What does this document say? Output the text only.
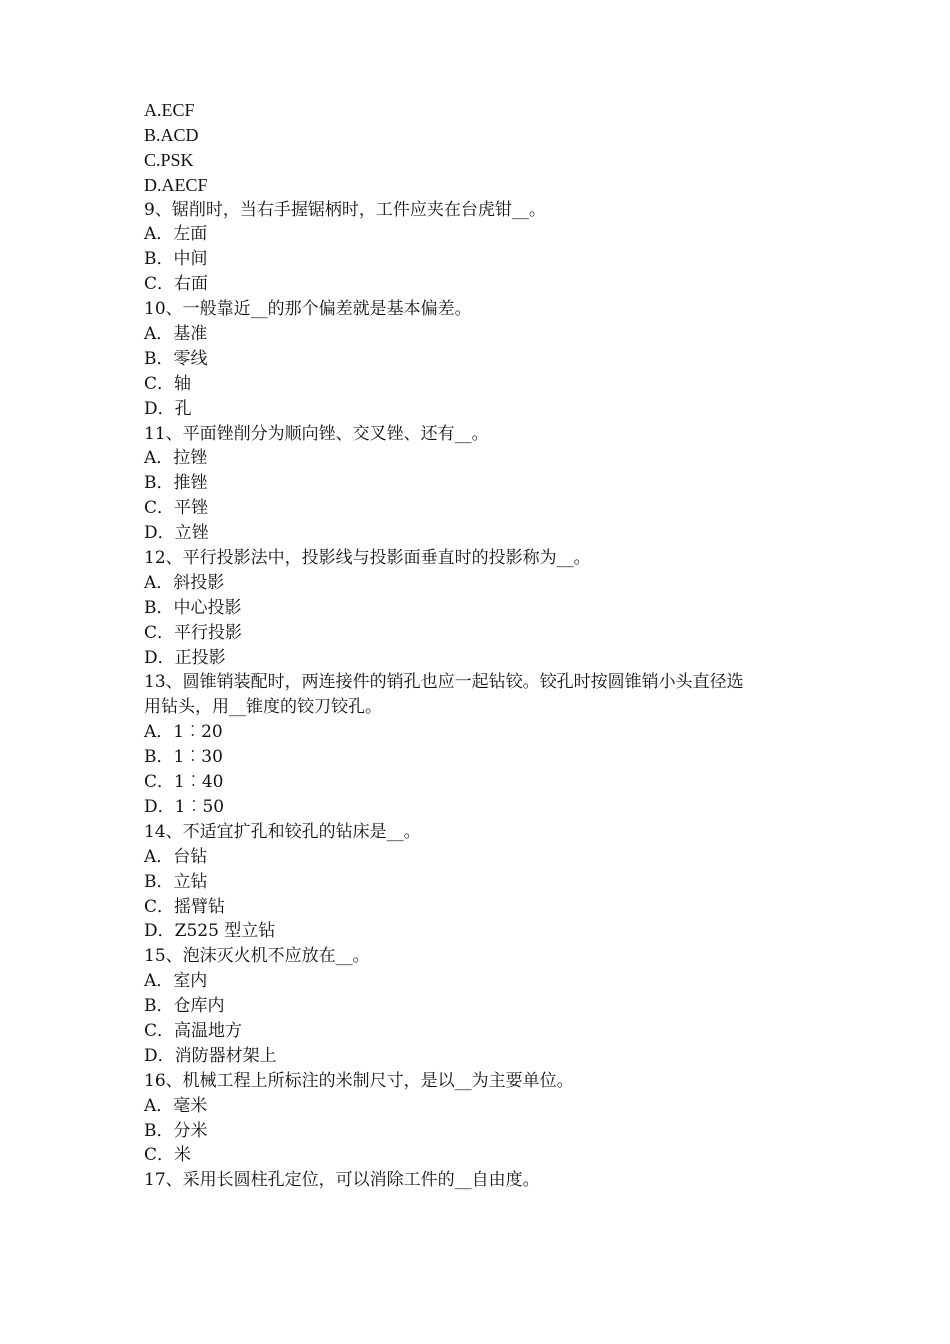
A.ECF
B.ACD
C.PSK
D.AECF
9、锯削时，当右手握锯柄时，工件应夹在台虎钳__。
A．左面
B．中间
C．右面
10、一般靠近__的那个偏差就是基本偏差。
A．基准
B．零线
C．轴
D．孔
11、平面锉削分为顺向锉、交叉锉、还有__。
A．拉锉
B．推锉
C．平锉
D．立锉
12、平行投影法中，投影线与投影面垂直时的投影称为__。
A．斜投影
B．中心投影
C．平行投影
D．正投影
13、圆锥销装配时，两连接件的销孔也应一起钻铰。铰孔时按圆锥销小头直径选
用钻头，用__锥度的铰刀铰孔。
A．1︰20
B．1︰30
C．1︰40
D．1︰50
14、不适宜扩孔和铰孔的钻床是__。
A．台钻
B．立钻
C．摇臂钻
D．Z525 型立钻
15、泡沫灭火机不应放在__。
A．室内
B．仓库内
C．高温地方
D．消防器材架上
16、机械工程上所标注的米制尺寸，是以__为主要单位。
A．毫米
B．分米
C．米
17、采用长圆柱孔定位，可以消除工件的__自由度。
